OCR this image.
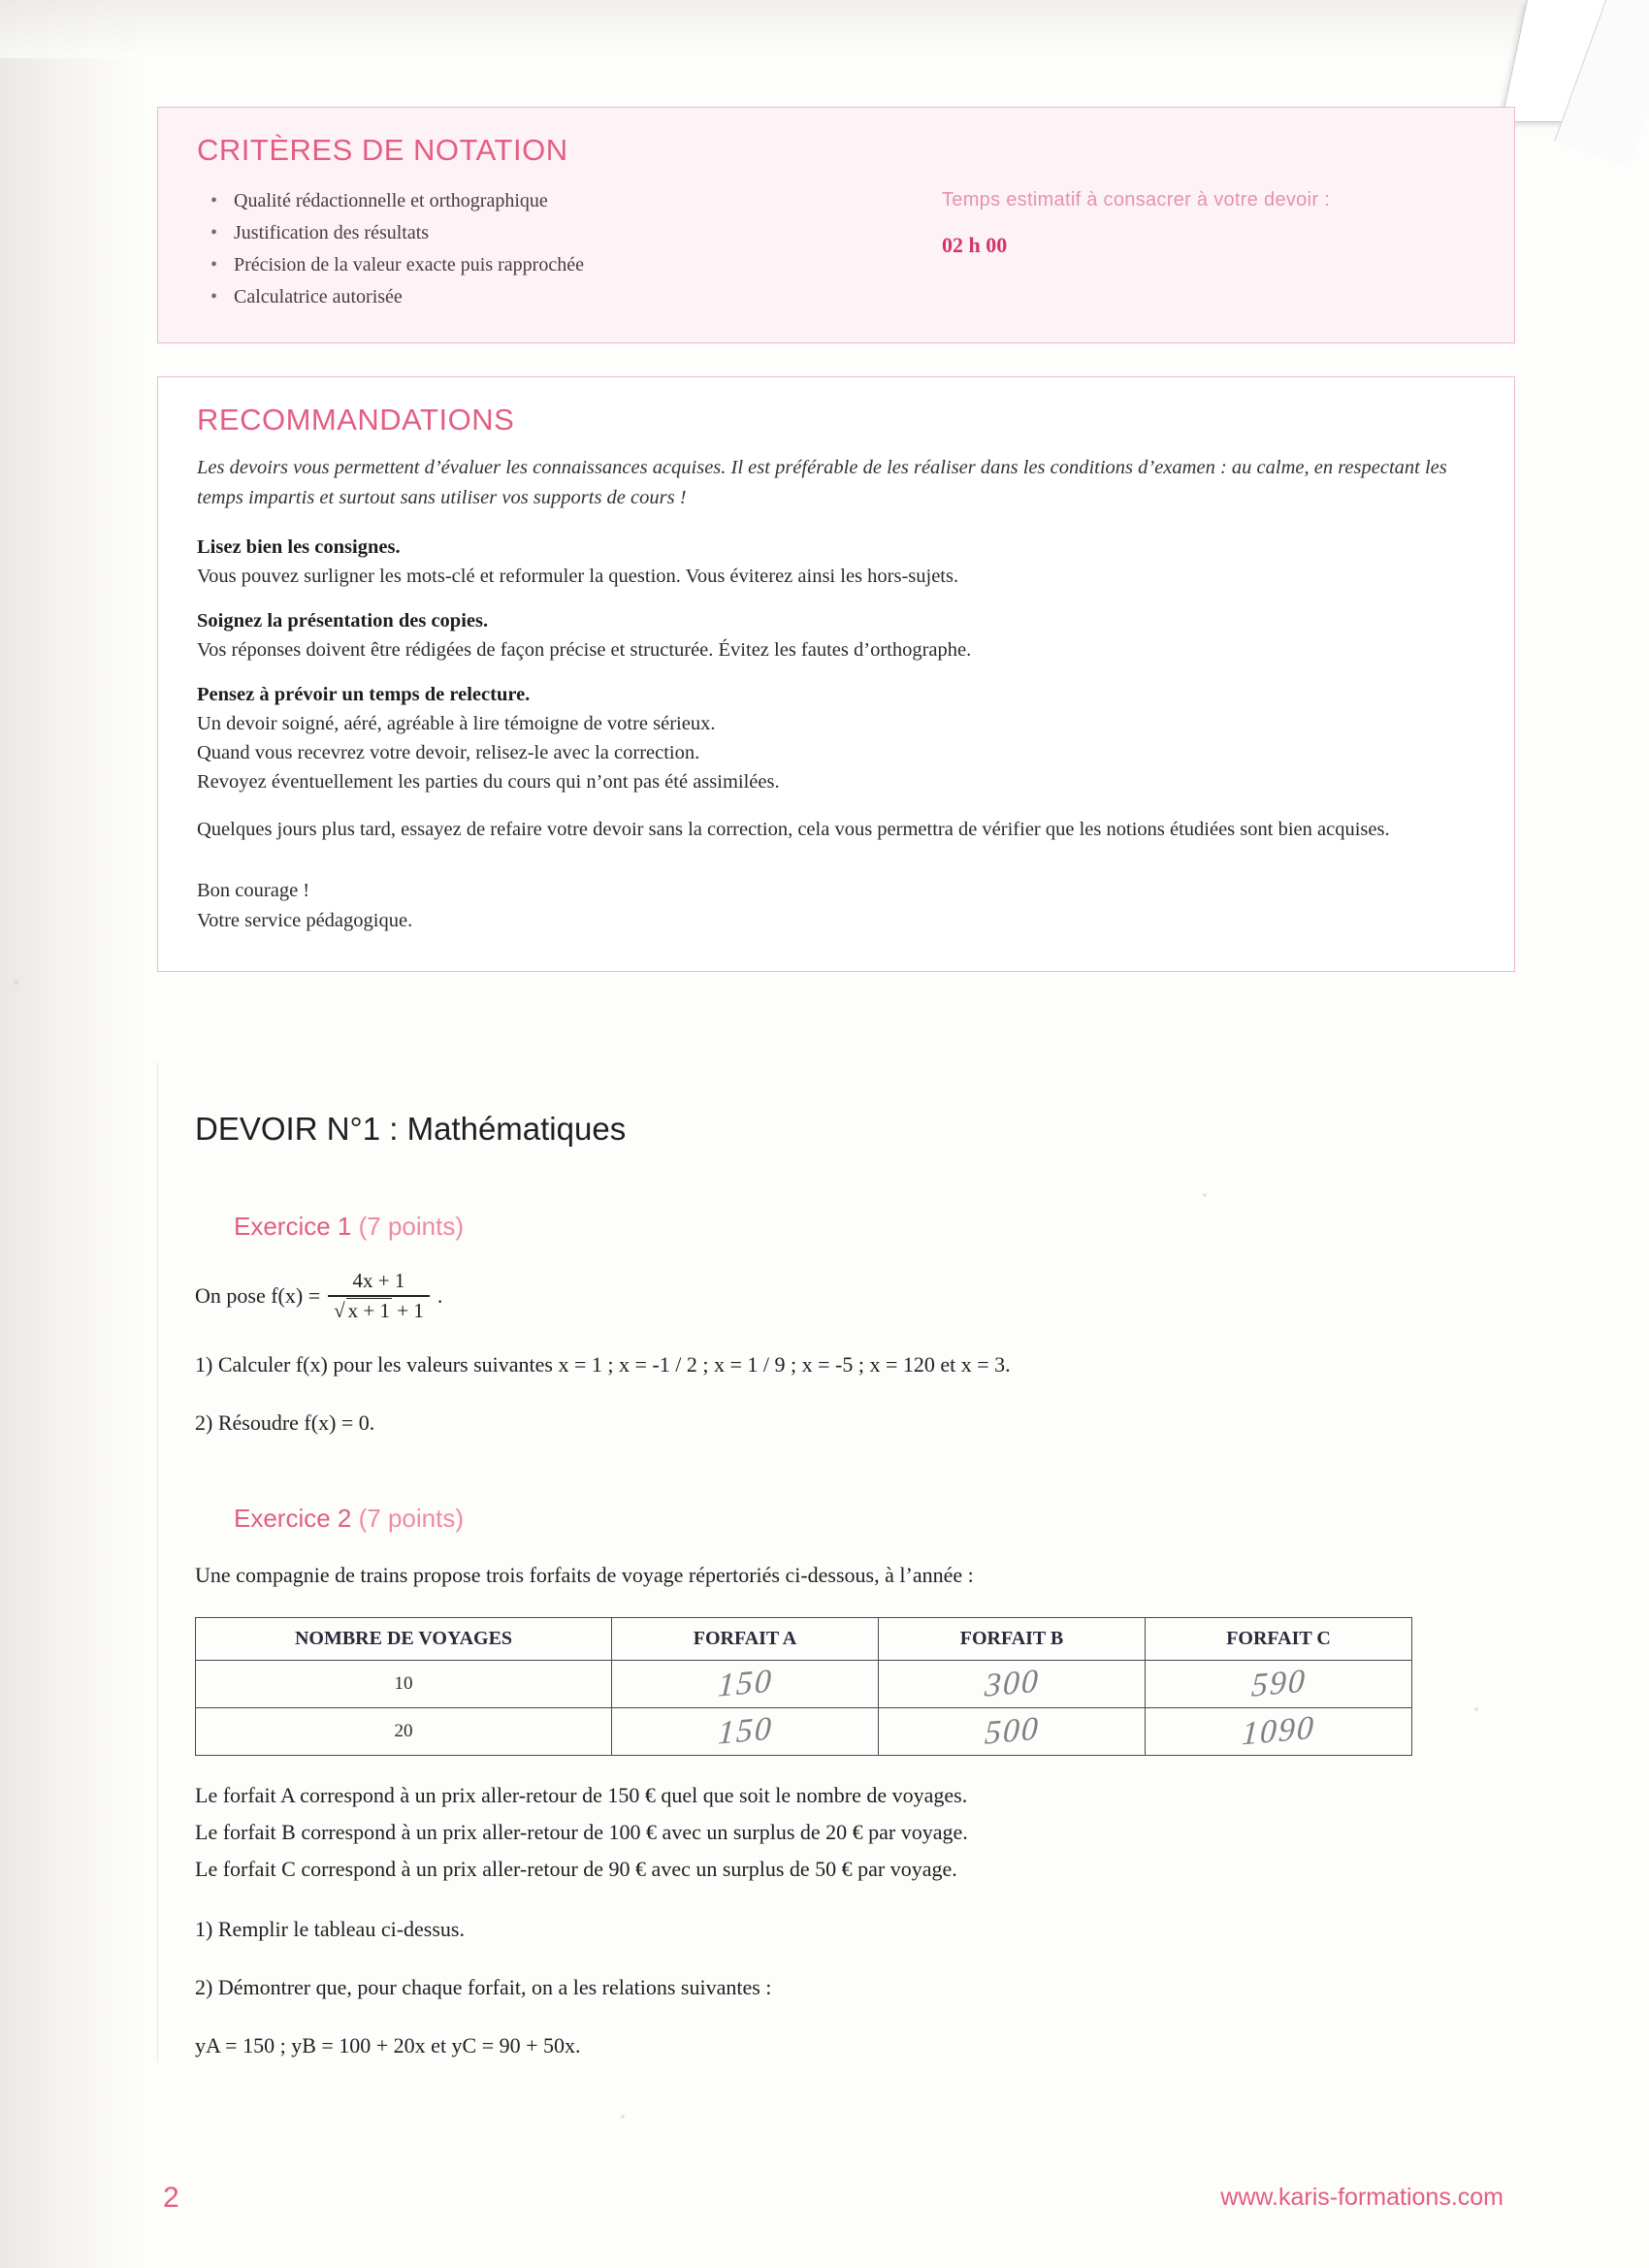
CRITÈRES DE NOTATION
• Qualité rédactionnelle et orthographique
• Justification des résultats
• Précision de la valeur exacte puis rapprochée
• Calculatrice autorisée
Temps estimatif à consacrer à votre devoir :
02 h 00
RECOMMANDATIONS
Les devoirs vous permettent d’évaluer les connaissances acquises. Il est préférable de les réaliser dans les conditions d’examen : au calme, en respectant les temps impartis et surtout sans utiliser vos supports de cours !
Lisez bien les consignes.
Vous pouvez surligner les mots-clé et reformuler la question. Vous éviterez ainsi les hors-sujets.
Soignez la présentation des copies.
Vos réponses doivent être rédigées de façon précise et structurée. Évitez les fautes d’orthographe.
Pensez à prévoir un temps de relecture.
Un devoir soigné, aéré, agréable à lire témoigne de votre sérieux.
Quand vous recevrez votre devoir, relisez-le avec la correction.
Revoyez éventuellement les parties du cours qui n’ont pas été assimilées.
Quelques jours plus tard, essayez de refaire votre devoir sans la correction, cela vous permettra de vérifier que les notions étudiées sont bien acquises.
Bon courage !
Votre service pédagogique.
DEVOIR N°1 : Mathématiques
Exercice 1 (7 points)
On pose $f(x) = \frac{4x + 1}{√ x + 1 + 1}$ .
1) Calculer f(x) pour les valeurs suivantes x = 1 ; x = -1 / 2 ; x = 1 / 9 ; x = -5 ; x = 120 et x = 3.
2) Résoudre f(x) = 0.
Exercice 2 (7 points)
Une compagnie de trains propose trois forfaits de voyage répertoriés ci-dessous, à l’année :
NOMBRE DE VOYAGES	FORFAIT A	FORFAIT B	FORFAIT C
10	150	300	590
20	150	500	1090
Le forfait A correspond à un prix aller-retour de 150 € quel que soit le nombre de voyages.
Le forfait B correspond à un prix aller-retour de 100 € avec un surplus de 20 € par voyage.
Le forfait C correspond à un prix aller-retour de 90 € avec un surplus de 50 € par voyage.
1) Remplir le tableau ci-dessus.
2) Démontrer que, pour chaque forfait, on a les relations suivantes :
yA = 150 ; yB = 100 + 20x et yC = 90 + 50x.
2	www.karis-formations.com
